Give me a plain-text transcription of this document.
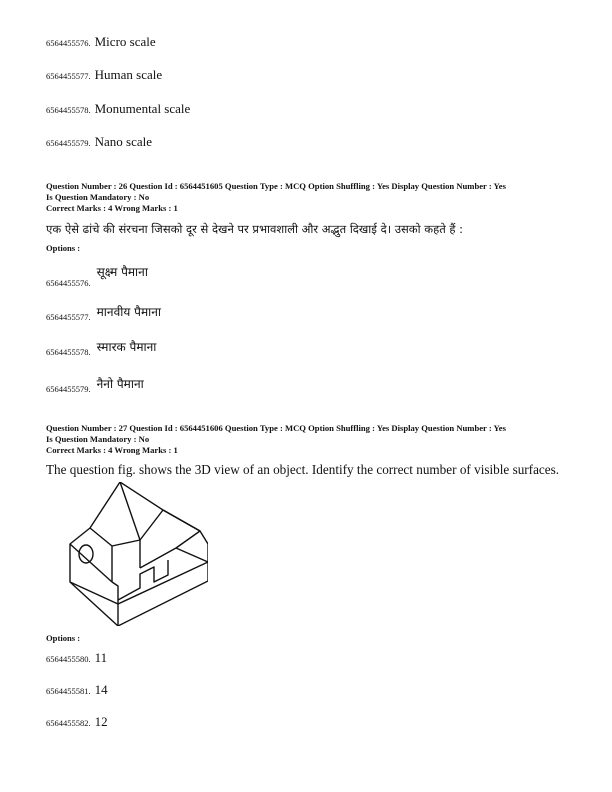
6564455576. Micro scale
6564455577. Human scale
6564455578. Monumental scale
6564455579. Nano scale
Question Number : 26 Question Id : 6564451605 Question Type : MCQ Option Shuffling : Yes Display Question Number : Yes
Is Question Mandatory : No
Correct Marks : 4 Wrong Marks : 1
एक ऐसे ढांचे की संरचना जिसको दूर से देखने पर प्रभावशाली और अद्भुत दिखाई दे। उसको कहते हैं :
Options :
$_{6564455576.}$सूक्ष्म पैमाना
$_{6564455577.}$ मानवीय पैमाना
$_{6564455578.}$ स्मारक पैमाना
$_{6564455579.}$ नैनो पैमाना
Question Number : 27 Question Id : 6564451606 Question Type : MCQ Option Shuffling : Yes Display Question Number : Yes
Is Question Mandatory : No
Correct Marks : 4 Wrong Marks : 1
The question fig. shows the 3D view of an object. Identify the correct number of visible surfaces.
Options :
6564455580. 11
6564455581. 14
6564455582. 12
